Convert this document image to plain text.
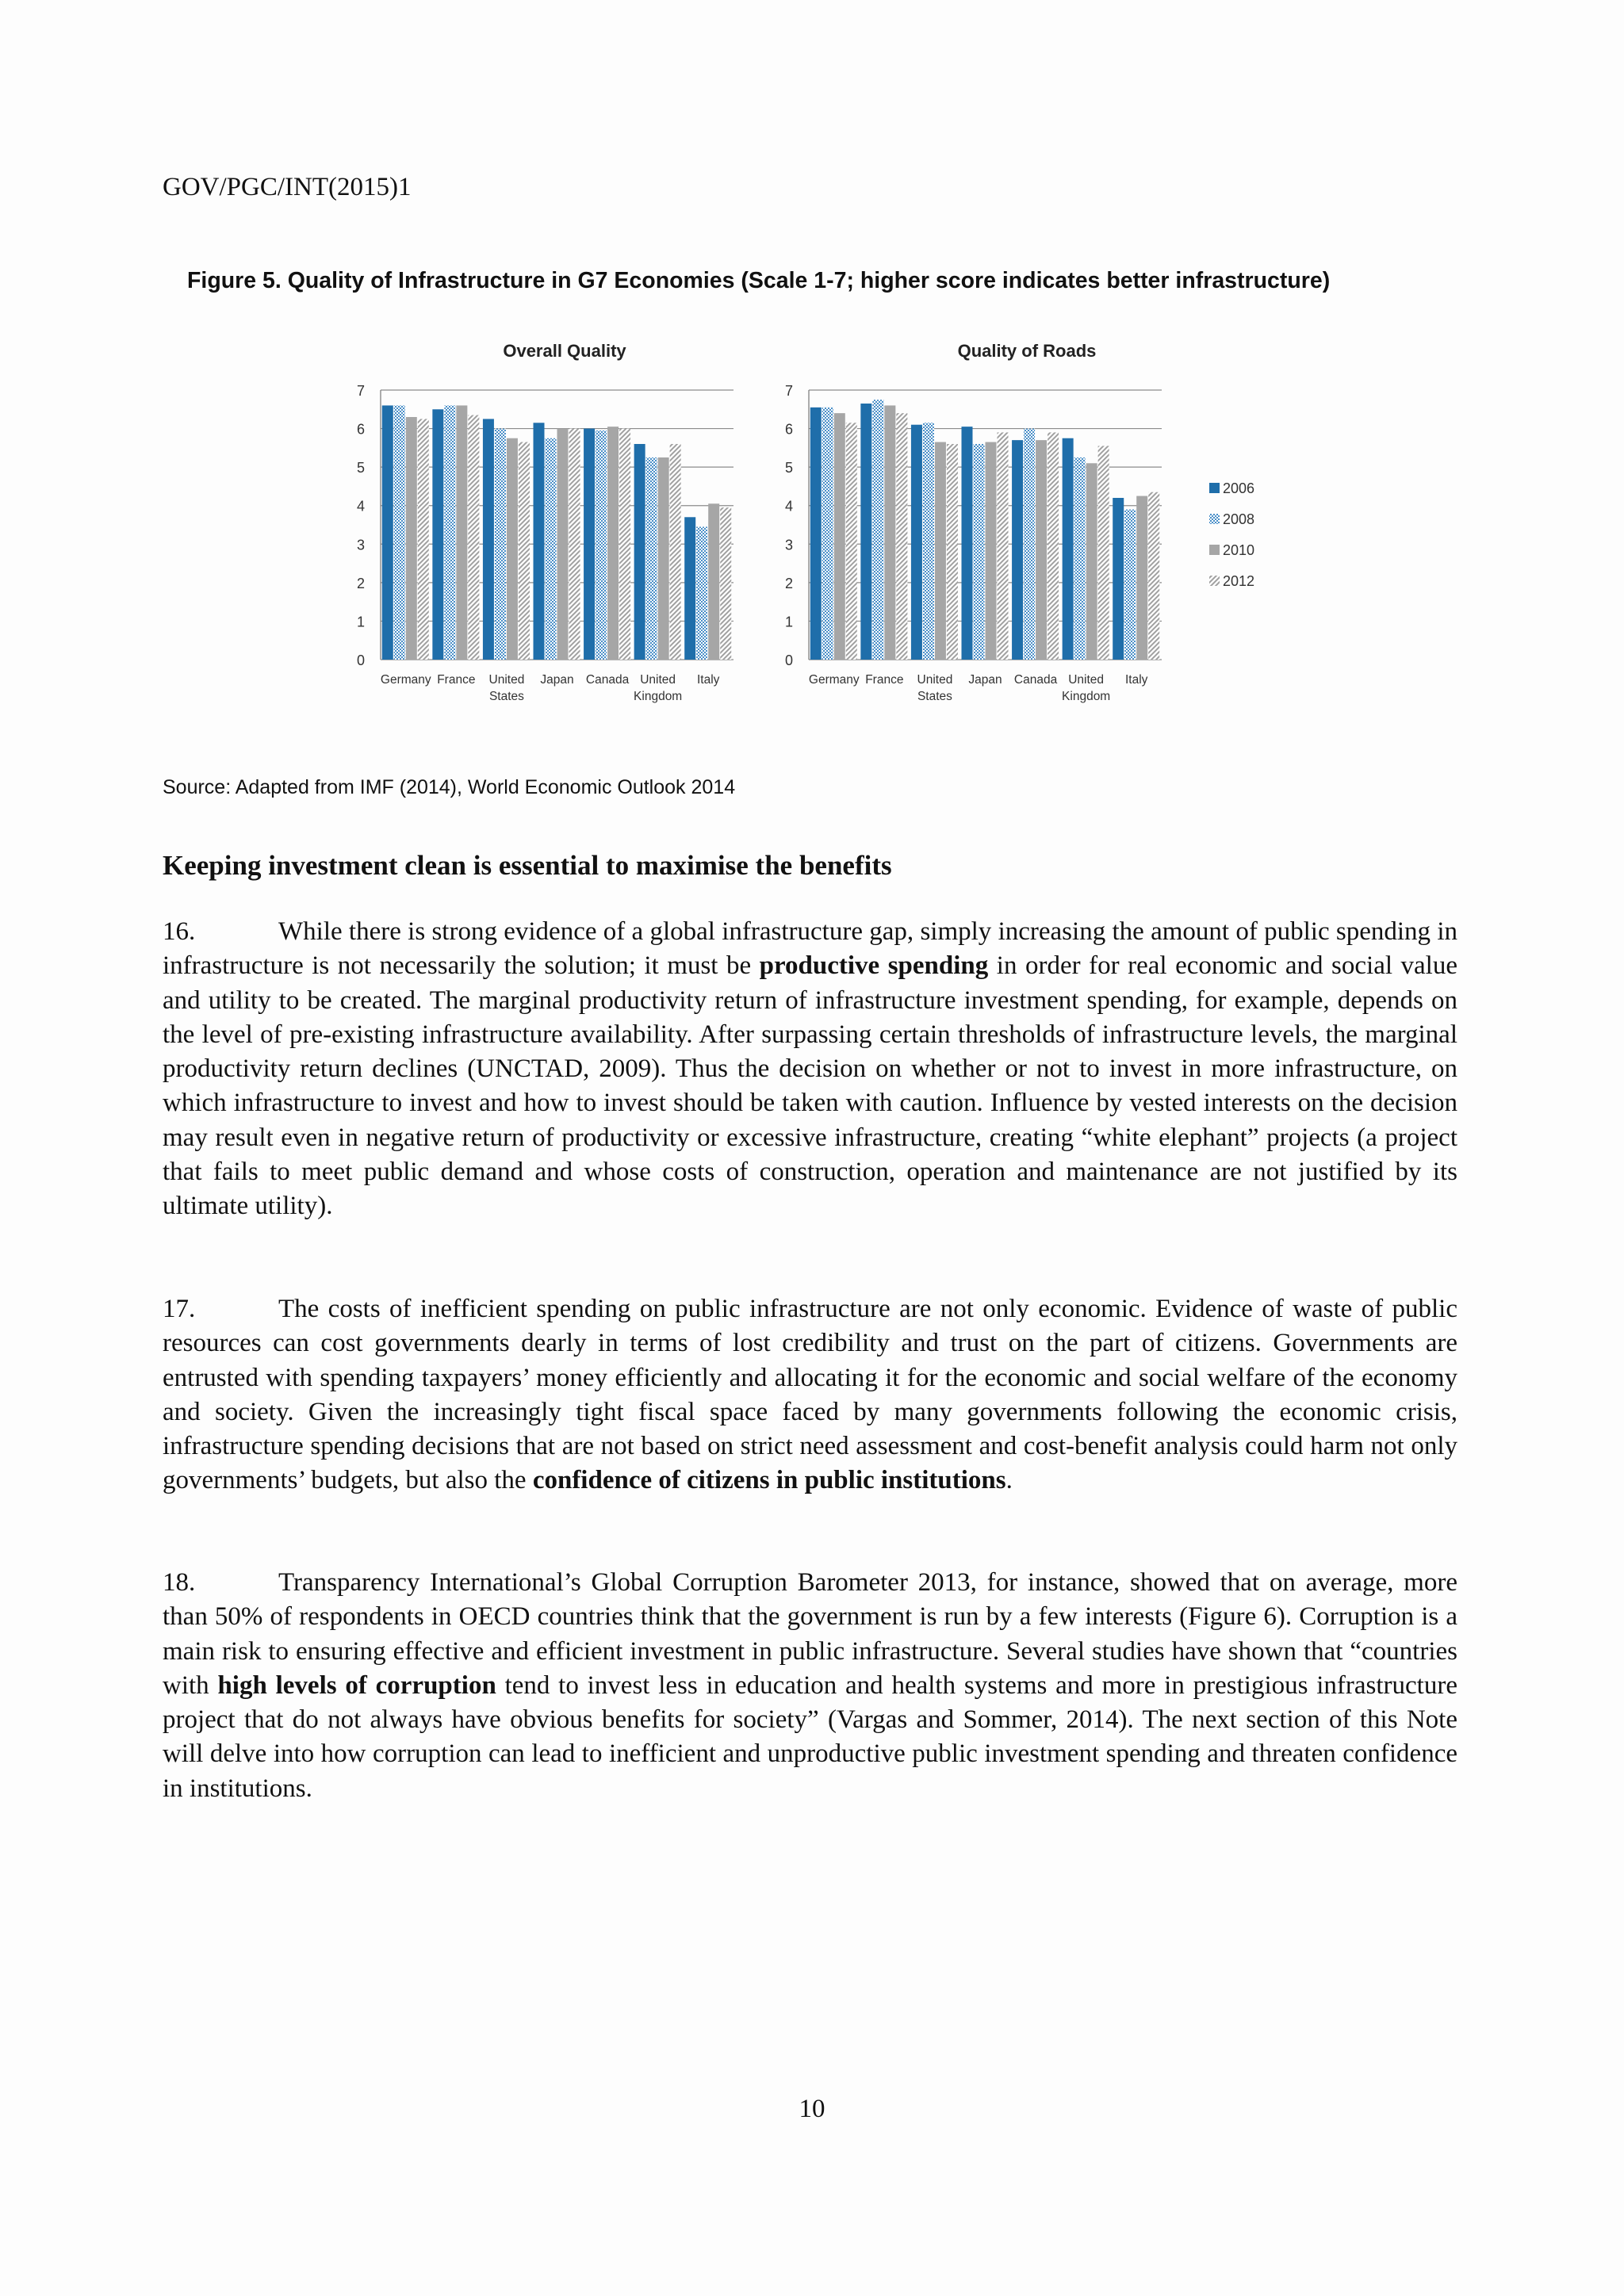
GOV/PGC/INT(2015)1
Figure 5. Quality of Infrastructure in G7 Economies (Scale 1-7; higher score indicates better infrastructure)
Overall Quality
0
1
2
3
4
5
6
7
Germany France United States
Japan Canada United Kingdom
Italy
Quality of Roads
0
1
2
3
4
5
6
7
Germany France United States
Japan Canada United Kingdom
Italy
2006
2008
2010
2012
Source: Adapted from IMF (2014), World Economic Outlook 2014
Keeping investment clean is essential to maximise the benefits

16.	While there is strong evidence of a global infrastructure gap, simply increasing the amount of public spending in infrastructure is not necessarily the solution; it must be productive spending in order for real economic and social value and utility to be created. The marginal productivity return of infrastructure investment spending, for example, depends on the level of pre-existing infrastructure availability. After surpassing certain thresholds of infrastructure levels, the marginal productivity return declines (UNCTAD, 2009). Thus the decision on whether or not to invest in more infrastructure, on which infrastructure to invest and how to invest should be taken with caution. Influence by vested interests on the decision may result even in negative return of productivity or excessive infrastructure, creating “white elephant” projects (a project that fails to meet public demand and whose costs of construction, operation and maintenance are not justified by its ultimate utility).

17.	The costs of inefficient spending on public infrastructure are not only economic. Evidence of waste of public resources can cost governments dearly in terms of lost credibility and trust on the part of citizens. Governments are entrusted with spending taxpayers’ money efficiently and allocating it for the economic and social welfare of the economy and society. Given the increasingly tight fiscal space faced by many governments following the economic crisis, infrastructure spending decisions that are not based on strict need assessment and cost-benefit analysis could harm not only governments’ budgets, but also the confidence of citizens in public institutions.

18.	Transparency International’s Global Corruption Barometer 2013, for instance, showed that on average, more than 50% of respondents in OECD countries think that the government is run by a few interests (Figure 6). Corruption is a main risk to ensuring effective and efficient investment in public infrastructure. Several studies have shown that “countries with high levels of corruption tend to invest less in education and health systems and more in prestigious infrastructure project that do not always have obvious benefits for society” (Vargas and Sommer, 2014). The next section of this Note will delve into how corruption can lead to inefficient and unproductive public investment spending and threaten confidence in institutions.

10
